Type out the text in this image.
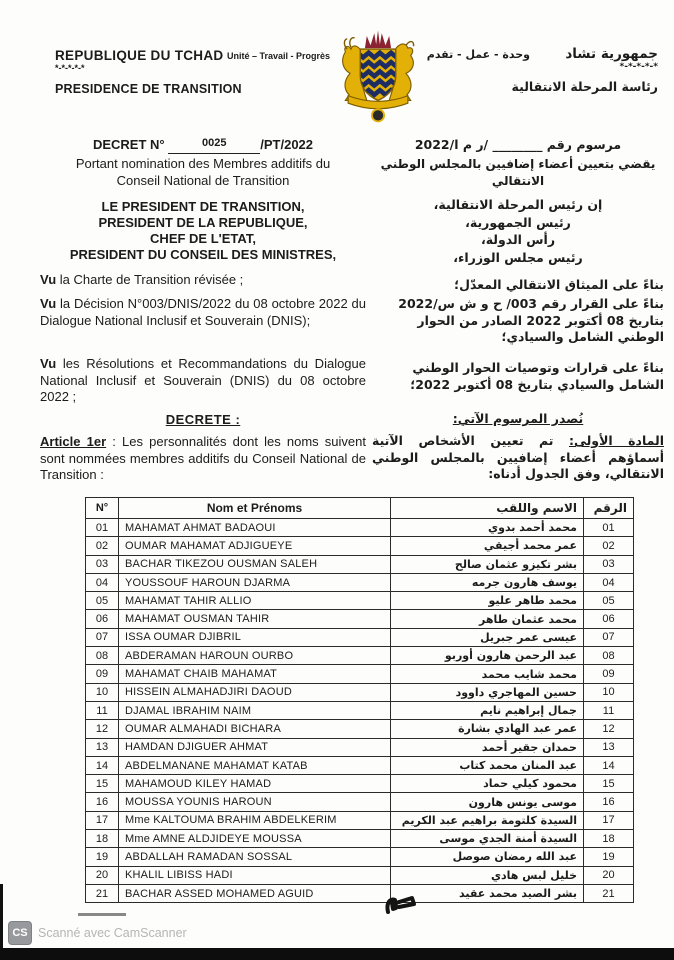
REPUBLIQUE DU TCHAD Unité – Travail - Progrès
*-*-*-*-*
PRESIDENCE DE TRANSITION
جمهورية تشاد
وحدة - عمل - تقدم
*-*-*-*-*
رئاسة المرحلة الانتقالية
DECRET N°	0025	/PT/2022
Portant nomination des Membres additifs du
Conseil National de Transition
LE PRESIDENT DE TRANSITION,
PRESIDENT DE LA REPUBLIQUE,
CHEF DE L'ETAT,
PRESIDENT DU CONSEIL DES MINISTRES,
Vu la Charte de Transition révisée ;
Vu la Décision N°003/DNIS/2022 du 08 octobre 2022 du Dialogue National Inclusif et Souverain (DNIS);
Vu les Résolutions et Recommandations du Dialogue National Inclusif et Souverain (DNIS) du 08 octobre 2022 ;
DECRETE :
Article 1er : Les personnalités dont les noms suivent sont nommées membres additifs du Conseil National de Transition :
مرسوم رقم ________ /ر م ا/2022
يقضي بتعيين أعضاء إضافيين بالمجلس الوطني الانتقالي
إن رئيس المرحلة الانتقالية،
رئيس الجمهورية،
رأس الدولة،
رئيس مجلس الوزراء،
بناءً على الميثاق الانتقالي المعدّل؛
بناءً على القرار رقم 003/ ح و ش س/2022 بتاريخ 08 أكتوبر 2022 الصادر من الحوار الوطني الشامل والسيادي؛
بناءً على قرارات وتوصيات الحوار الوطني الشامل والسيادي بتاريخ 08 أكتوبر 2022؛
نُصدر المرسوم الآتي:
المادة الأولى: تم تعيين الأشخاص الآتية أسماؤهم أعضاء إضافيين بالمجلس الوطني الانتقالي، وفق الجدول أدناه:
N°	Nom et Prénoms	الاسم واللقب	الرقم
01	MAHAMAT AHMAT BADAOUI	محمد أحمد بدوي	01
02	OUMAR MAHAMAT ADJIGUEYE	عمر محمد أجيقي	02
03	BACHAR TIKEZOU OUSMAN SALEH	بشر تكيزو عثمان صالح	03
04	YOUSSOUF HAROUN DJARMA	يوسف هارون جرمه	04
05	MAHAMAT TAHIR ALLIO	محمد طاهر عليو	05
06	MAHAMAT OUSMAN TAHIR	محمد عثمان طاهر	06
07	ISSA OUMAR DJIBRIL	عيسى عمر جبريل	07
08	ABDERAMAN HAROUN OURBO	عبد الرحمن هارون أوربو	08
09	MAHAMAT CHAIB MAHAMAT	محمد شايب محمد	09
10	HISSEIN ALMAHADJIRI DAOUD	حسين المهاجري داوود	10
11	DJAMAL IBRAHIM NAIM	جمال إبراهيم نايم	11
12	OUMAR ALMAHADI BICHARA	عمر عبد الهادي بشارة	12
13	HAMDAN DJIGUER AHMAT	حمدان جقير أحمد	13
14	ABDELMANANE MAHAMAT KATAB	عبد المنان محمد كتاب	14
15	MAHAMOUD KILEY HAMAD	محمود كيلي حماد	15
16	MOUSSA YOUNIS HAROUN	موسى يونس هارون	16
17	Mme KALTOUMA BRAHIM ABDELKERIM	السيدة كلتومة براهيم عبد الكريم	17
18	Mme AMNE ALDJIDEYE MOUSSA	السيدة أمنة الجدي موسى	18
19	ABDALLAH RAMADAN SOSSAL	عبد الله رمضان صوصل	19
20	KHALIL LIBISS HADI	خليل لبس هادي	20
21	BACHAR ASSED MOHAMED AGUID	بشر الصيد محمد عقيد	21
CS Scanné avec CamScanner
